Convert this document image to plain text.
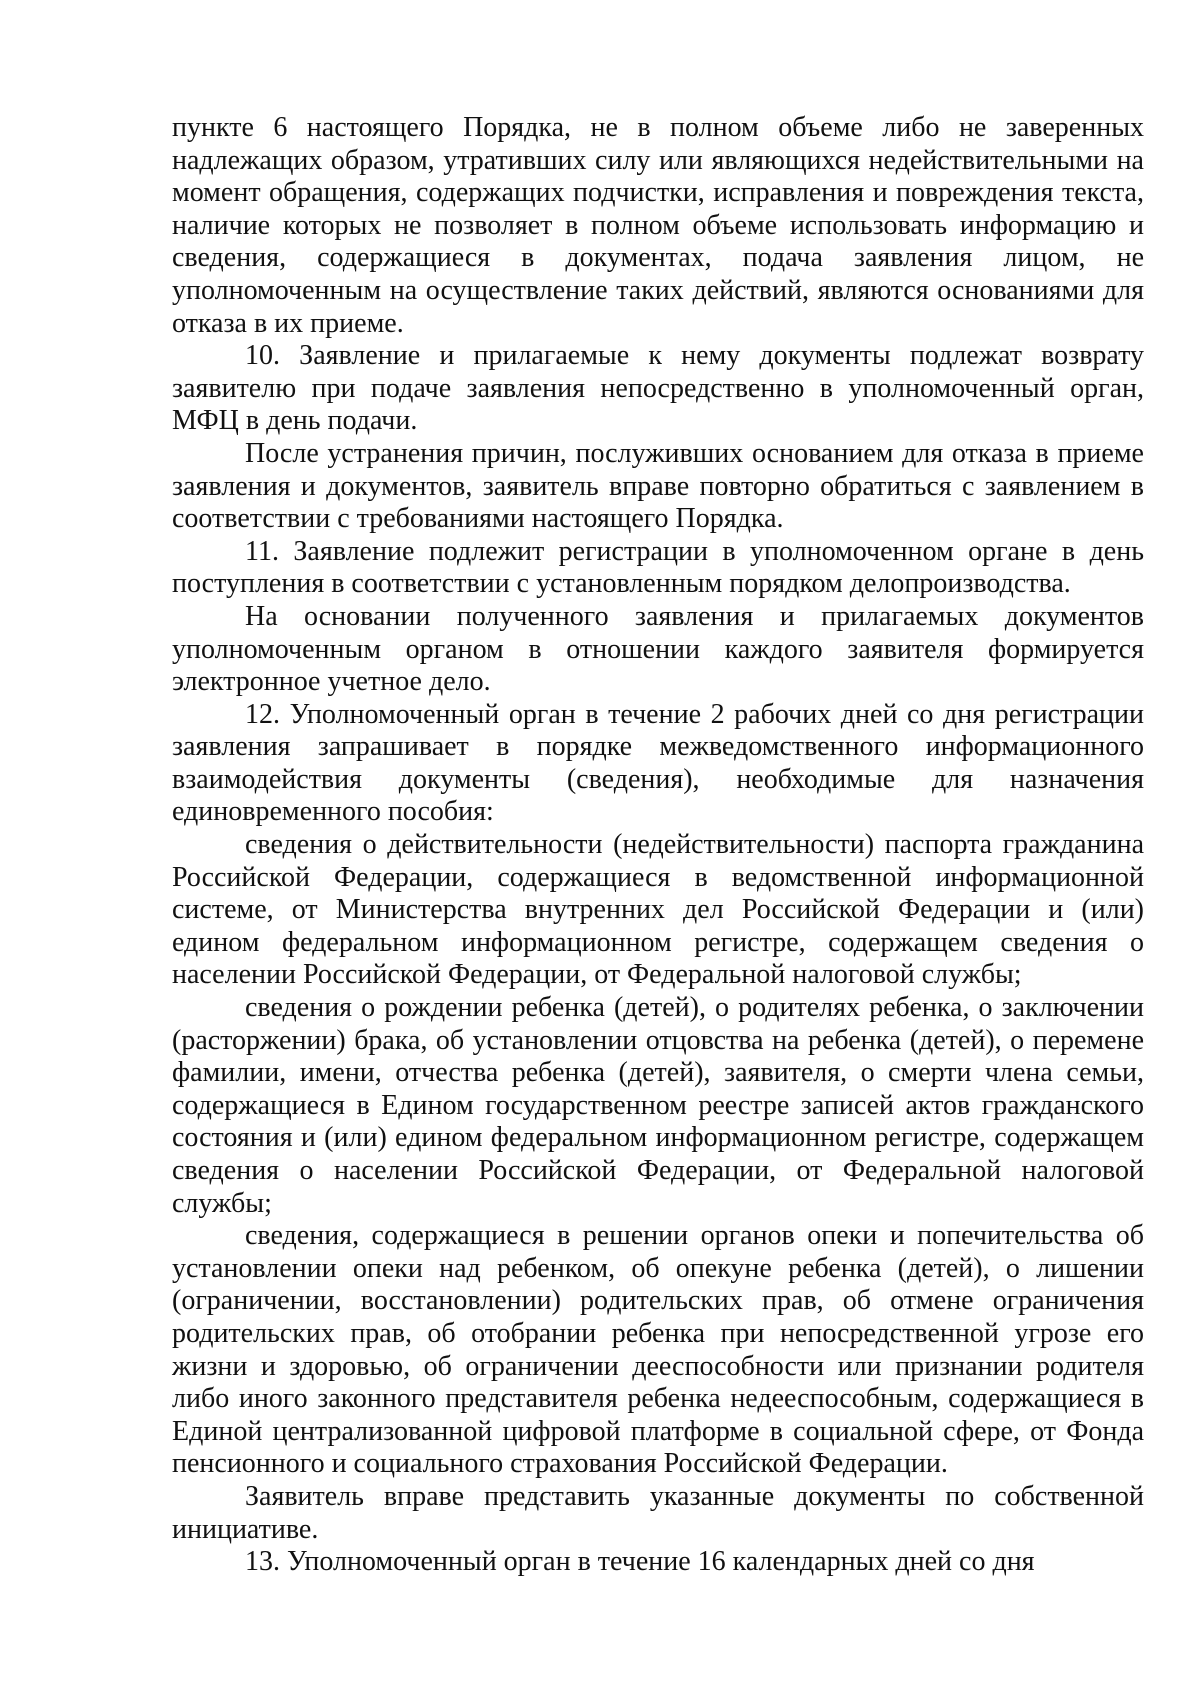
пункте 6 настоящего Порядка, не в полном объеме либо не заверенных надлежащих образом, утративших силу или являющихся недействительными на момент обращения, содержащих подчистки, исправления и повреждения текста, наличие которых не позволяет в полном объеме использовать информацию и сведения, содержащиеся в документах, подача заявления лицом, не уполномоченным на осуществление таких действий, являются основаниями для отказа в их приеме.

10. Заявление и прилагаемые к нему документы подлежат возврату заявителю при подаче заявления непосредственно в уполномоченный орган, МФЦ в день подачи.

После устранения причин, послуживших основанием для отказа в приеме заявления и документов, заявитель вправе повторно обратиться с заявлением в соответствии с требованиями настоящего Порядка.

11. Заявление подлежит регистрации в уполномоченном органе в день поступления в соответствии с установленным порядком делопроизводства.

На основании полученного заявления и прилагаемых документов уполномоченным органом в отношении каждого заявителя формируется электронное учетное дело.

12. Уполномоченный орган в течение 2 рабочих дней со дня регистрации заявления запрашивает в порядке межведомственного информационного взаимодействия документы (сведения), необходимые для назначения единовременного пособия:

сведения о действительности (недействительности) паспорта гражданина Российской Федерации, содержащиеся в ведомственной информационной системе, от Министерства внутренних дел Российской Федерации и (или) едином федеральном информационном регистре, содержащем сведения о населении Российской Федерации, от Федеральной налоговой службы;

сведения о рождении ребенка (детей), о родителях ребенка, о заключении (расторжении) брака, об установлении отцовства на ребенка (детей), о перемене фамилии, имени, отчества ребенка (детей), заявителя, о смерти члена семьи, содержащиеся в Едином государственном реестре записей актов гражданского состояния и (или) едином федеральном информационном регистре, содержащем сведения о населении Российской Федерации, от Федеральной налоговой службы;

сведения, содержащиеся в решении органов опеки и попечительства об установлении опеки над ребенком, об опекуне ребенка (детей), о лишении (ограничении, восстановлении) родительских прав, об отмене ограничения родительских прав, об отобрании ребенка при непосредственной угрозе его жизни и здоровью, об ограничении дееспособности или признании родителя либо иного законного представителя ребенка недееспособным, содержащиеся в Единой централизованной цифровой платформе в социальной сфере, от Фонда пенсионного и социального страхования Российской Федерации.

Заявитель вправе представить указанные документы по собственной инициативе.

13. Уполномоченный орган в течение 16 календарных дней со дня
